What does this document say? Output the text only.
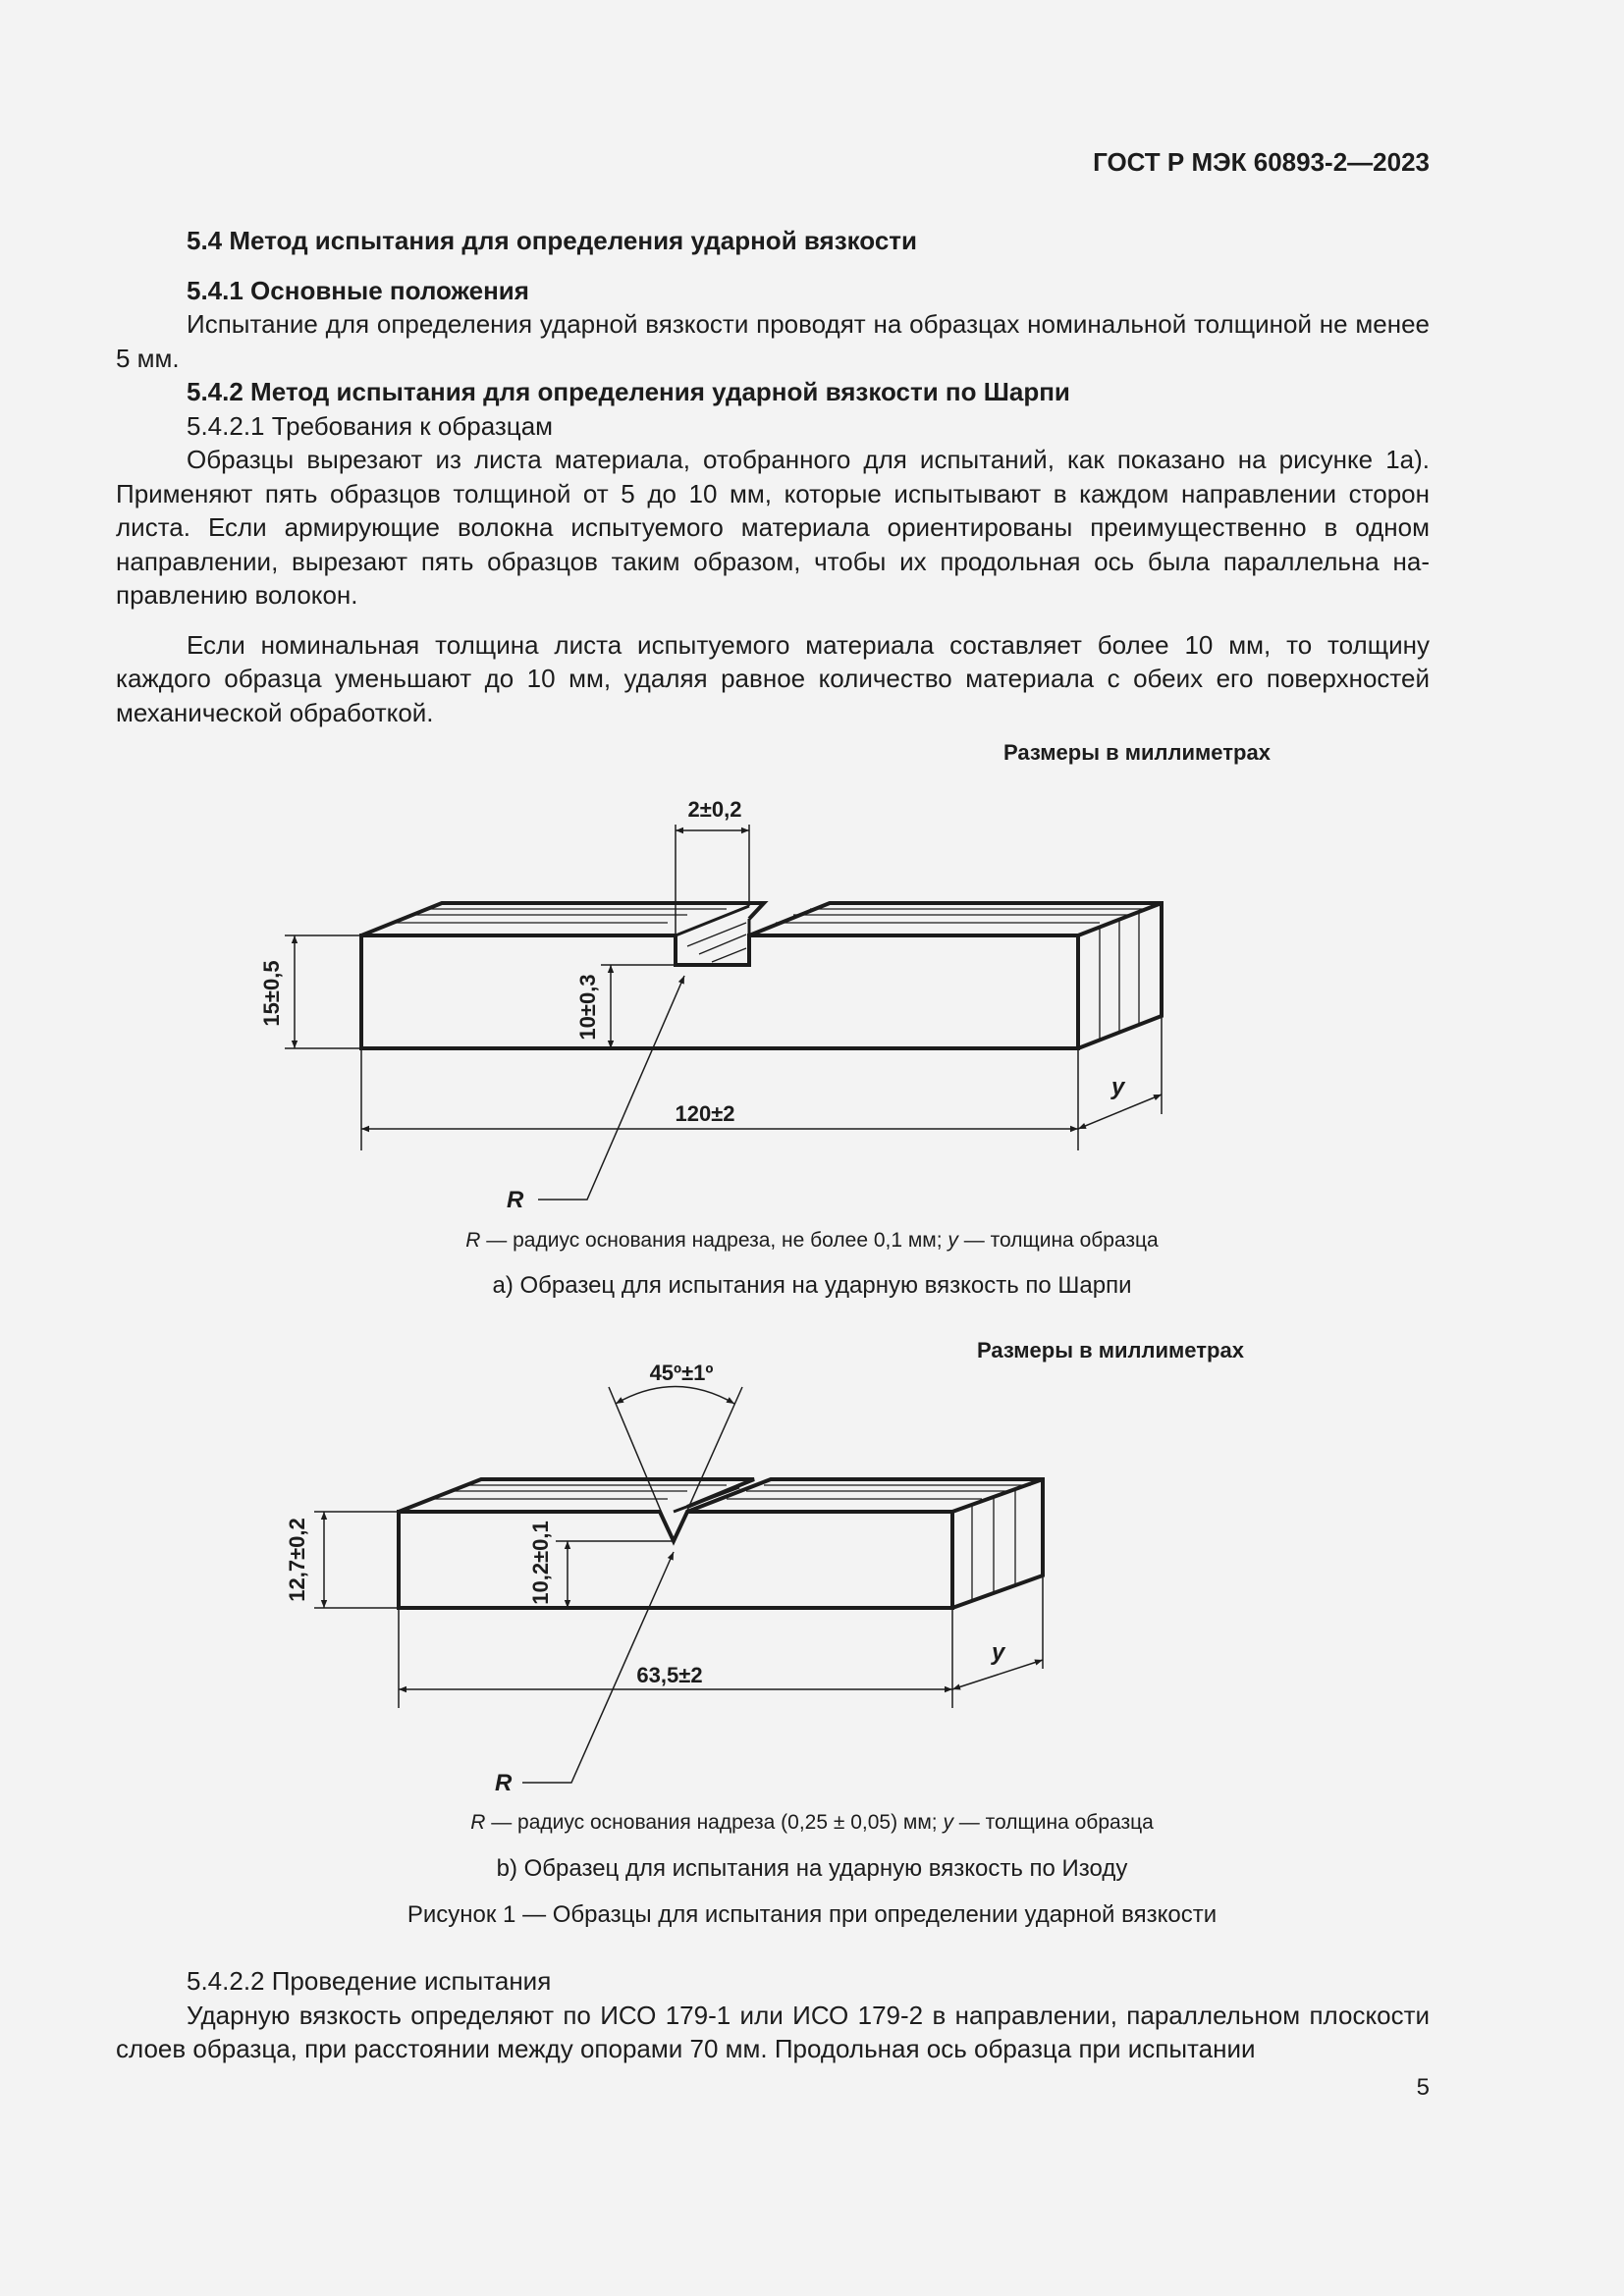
ГОСТ Р МЭК 60893-2—2023

5.4 Метод испытания для определения ударной вязкости

5.4.1 Основные положения

Испытание для определения ударной вязкости проводят на образцах номинальной толщиной не менее 5 мм.

5.4.2 Метод испытания для определения ударной вязкости по Шарпи

5.4.2.1 Требования к образцам

Образцы вырезают из листа материала, отобранного для испытаний, как показано на рисунке 1а). Применяют пять образцов толщиной от 5 до 10 мм, которые испытывают в каждом направлении сторон листа. Если армирующие волокна испытуемого материала ориентированы преимущественно в одном направлении, вырезают пять образцов таким образом, чтобы их продольная ось была параллельна направлению волокон.

Если номинальная толщина листа испытуемого материала составляет более 10 мм, то толщину каждого образца уменьшают до 10 мм, удаляя равное количество материала с обеих его поверхностей механической обработкой.

Размеры в миллиметрах
2±0,2
15±0,5	10±0,3
120±2
y
R
R — радиус основания надреза, не более 0,1 мм; y — толщина образца
а) Образец для испытания на ударную вязкость по Шарпи
Размеры в миллиметрах
45º±1º
12,7±0,2	10,2±0,1
63,5±2
y
R
R — радиус основания надреза (0,25 ± 0,05) мм; y — толщина образца
b) Образец для испытания на ударную вязкость по Изоду
Рисунок 1 — Образцы для испытания при определении ударной вязкости

5.4.2.2 Проведение испытания

Ударную вязкость определяют по ИСО 179-1 или ИСО 179-2 в направлении, параллельном плоскости слоев образца, при расстоянии между опорами 70 мм. Продольная ось образца при испытании

5
